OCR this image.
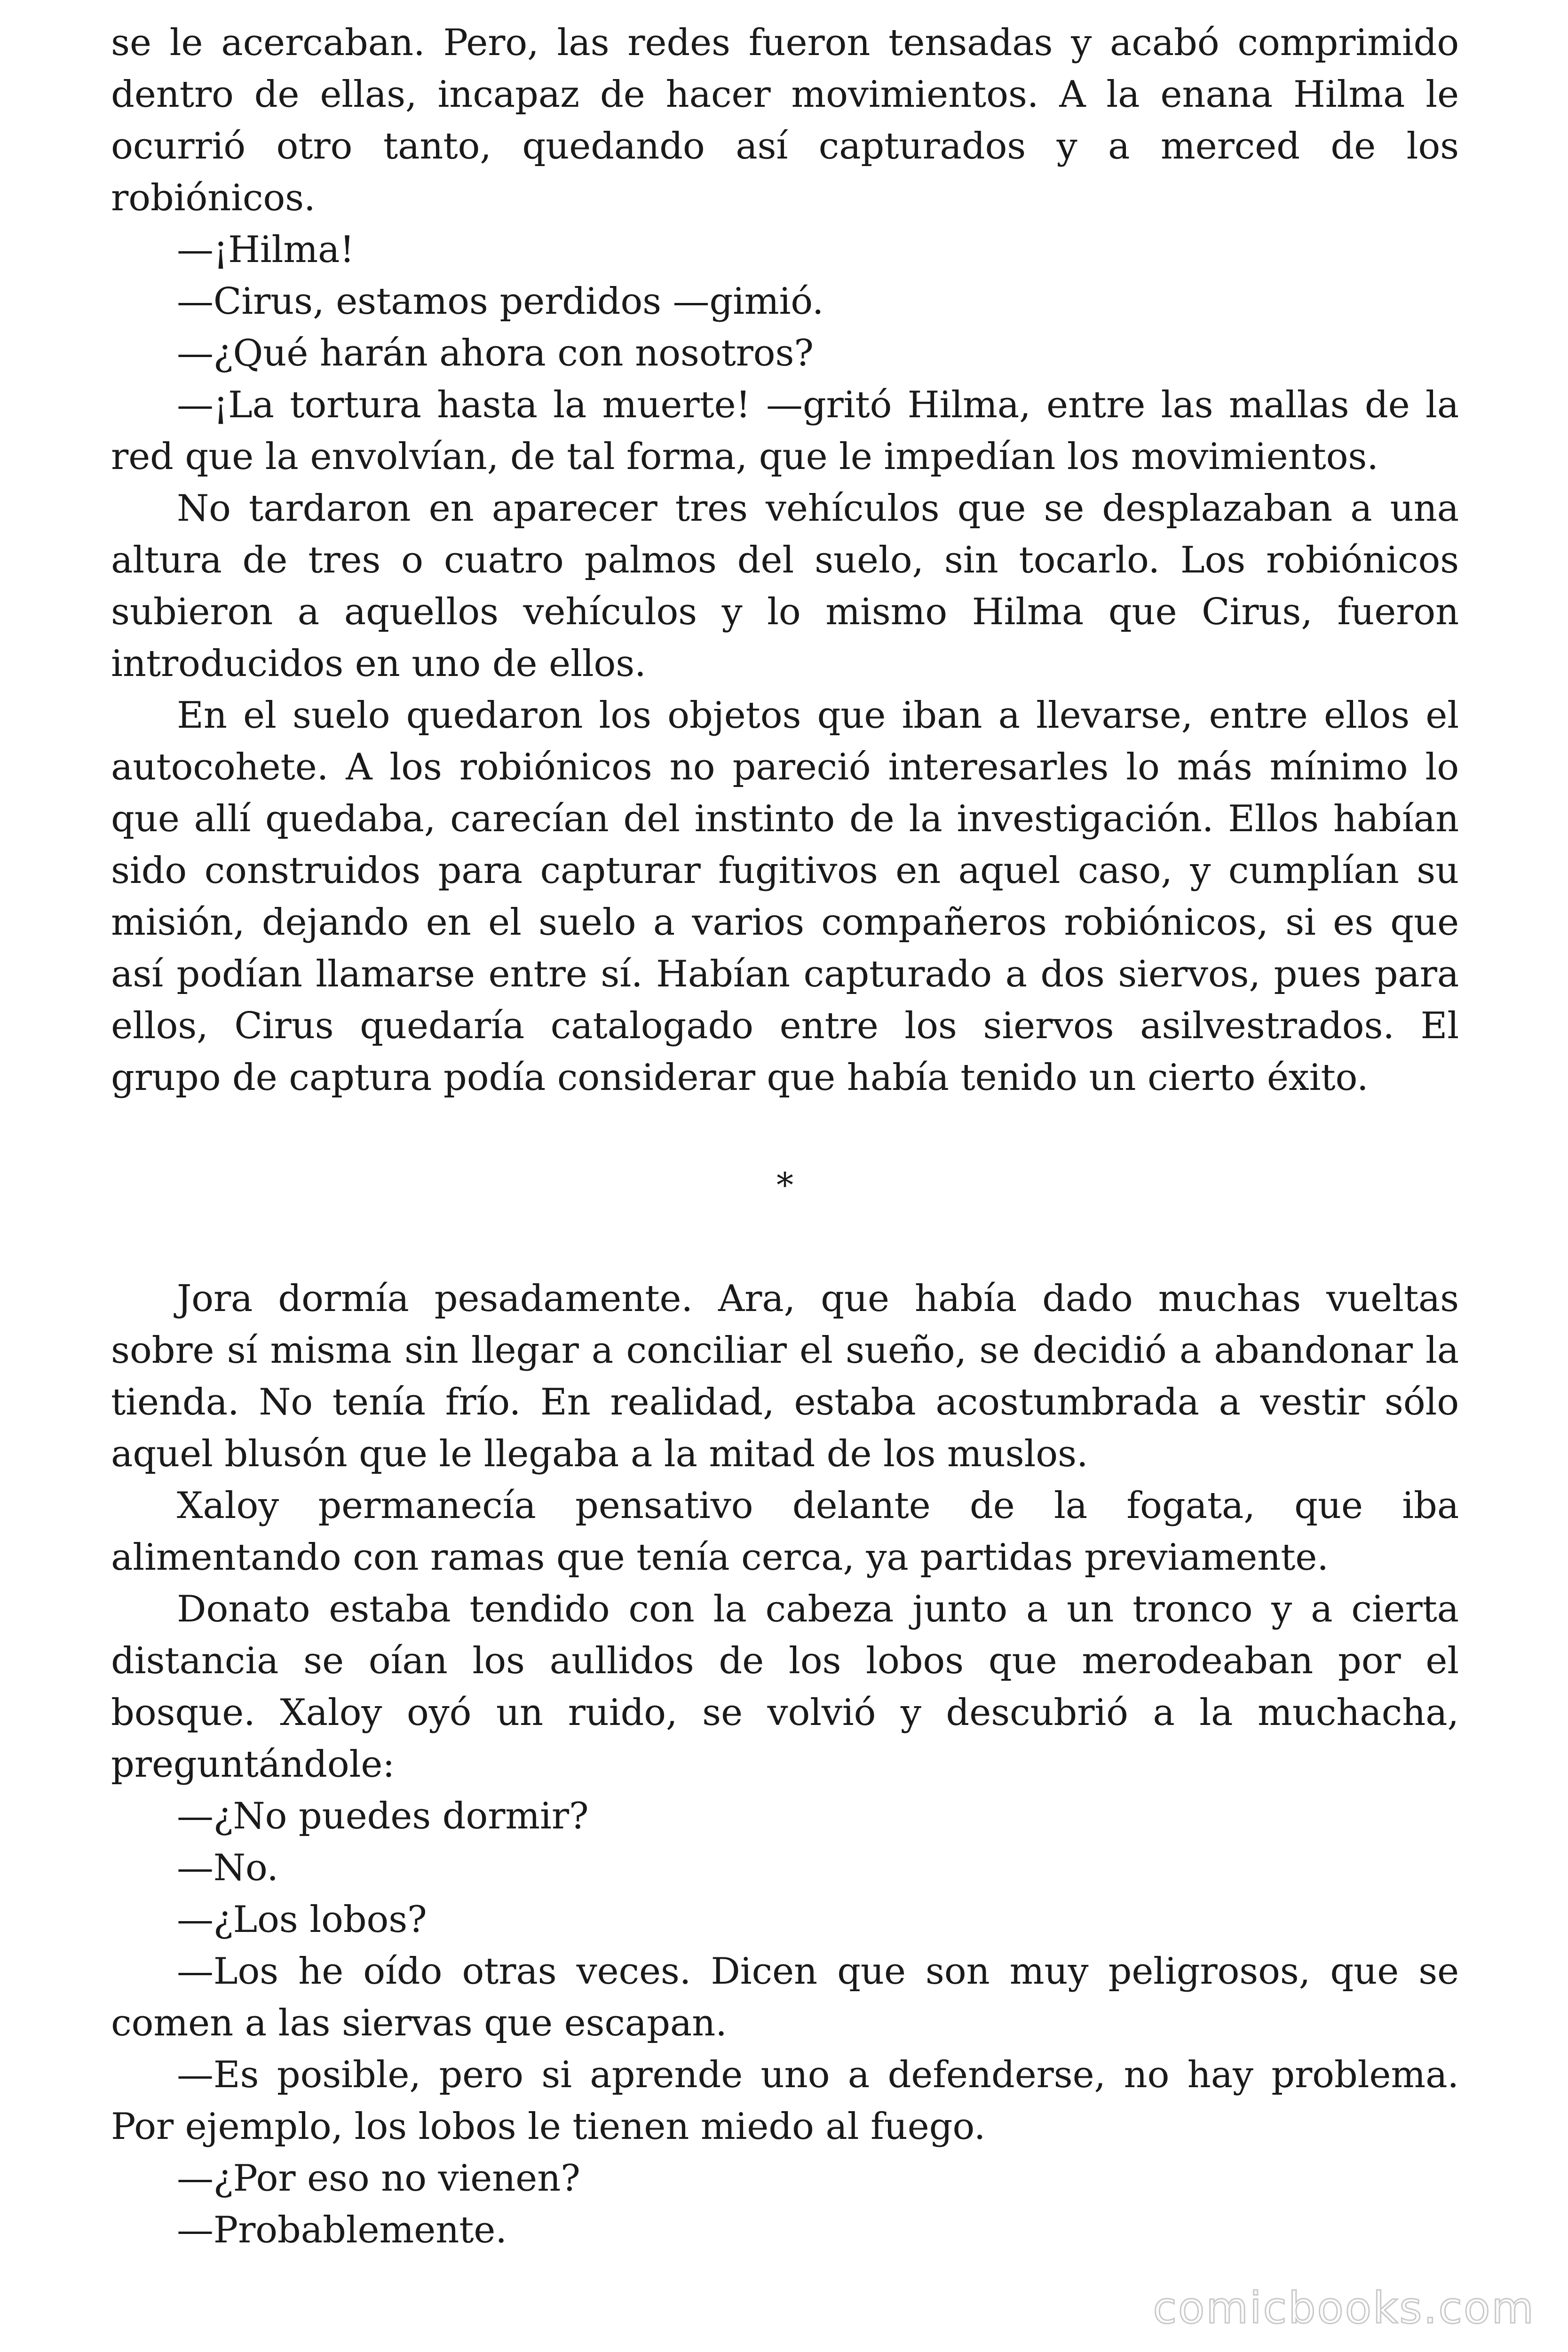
se le acercaban. Pero, las redes fueron tensadas y acabó comprimido dentro de ellas, incapaz de hacer movimientos. A la enana Hilma le ocurrió otro tanto, quedando así capturados y a merced de los robiónicos.

—¡Hilma!

—Cirus, estamos perdidos —gimió.

—¿Qué harán ahora con nosotros?

—¡La tortura hasta la muerte! —gritó Hilma, entre las mallas de la red que la envolvían, de tal forma, que le impedían los movimientos.

No tardaron en aparecer tres vehículos que se desplazaban a una altura de tres o cuatro palmos del suelo, sin tocarlo. Los robiónicos subieron a aquellos vehículos y lo mismo Hilma que Cirus, fueron introducidos en uno de ellos.

En el suelo quedaron los objetos que iban a llevarse, entre ellos el autocohete. A los robiónicos no pareció interesarles lo más mínimo lo que allí quedaba, carecían del instinto de la investigación. Ellos habían sido construidos para capturar fugitivos en aquel caso, y cumplían su misión, dejando en el suelo a varios compañeros robiónicos, si es que así podían llamarse entre sí. Habían capturado a dos siervos, pues para ellos, Cirus quedaría catalogado entre los siervos asilvestrados. El grupo de captura podía considerar que había tenido un cierto éxito.

*

Jora dormía pesadamente. Ara, que había dado muchas vueltas sobre sí misma sin llegar a conciliar el sueño, se decidió a abandonar la tienda. No tenía frío. En realidad, estaba acostumbrada a vestir sólo aquel blusón que le llegaba a la mitad de los muslos.

Xaloy permanecía pensativo delante de la fogata, que iba alimentando con ramas que tenía cerca, ya partidas previamente.

Donato estaba tendido con la cabeza junto a un tronco y a cierta distancia se oían los aullidos de los lobos que merodeaban por el bosque. Xaloy oyó un ruido, se volvió y descubrió a la muchacha, preguntándole:

—¿No puedes dormir?

—No.

—¿Los lobos?

—Los he oído otras veces. Dicen que son muy peligrosos, que se comen a las siervas que escapan.

—Es posible, pero si aprende uno a defenderse, no hay problema. Por ejemplo, los lobos le tienen miedo al fuego.

—¿Por eso no vienen?

—Probablemente.

comicbooks.com
